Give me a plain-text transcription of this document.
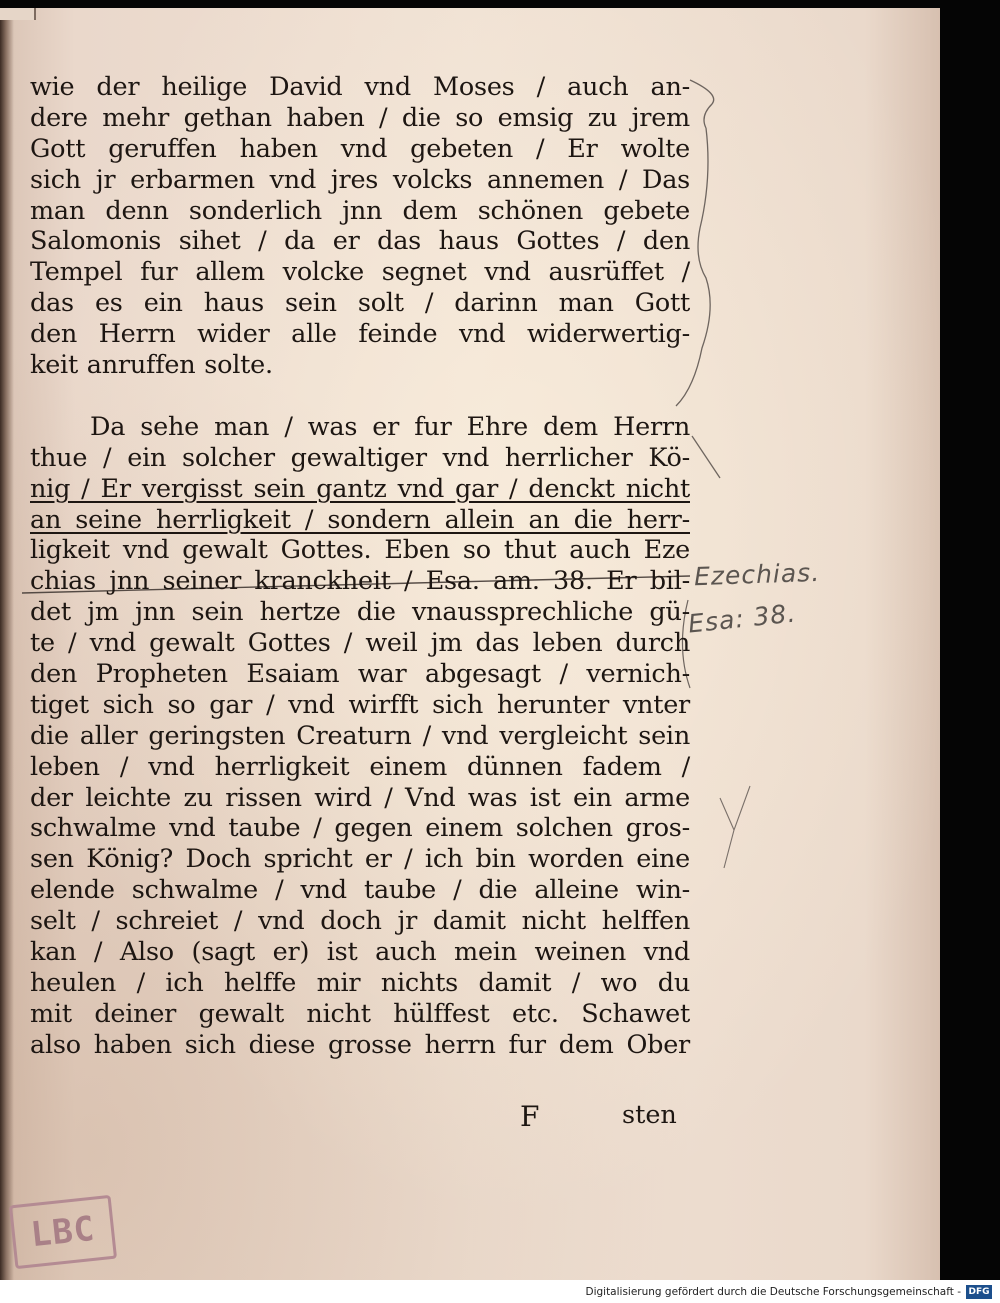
wie der heilige David vnd Moses / auch an-
dere mehr gethan haben / die so emsig zu jrem
Gott geruffen haben vnd gebeten / Er wolte
sich jr erbarmen vnd jres volcks annemen / Das
man denn sonderlich jnn dem schönen gebete
Salomonis sihet / da er das haus Gottes / den
Tempel fur allem volcke segnet vnd ausrüffet /
das es ein haus sein solt / darinn man Gott
den Herrn wider alle feinde vnd widerwertig-
keit anruffen solte.
Da sehe man / was er fur Ehre dem Herrn
thue / ein solcher gewaltiger vnd herrlicher Kö-
nig / Er vergisst sein gantz vnd gar / denckt nicht
an seine herrligkeit / sondern allein an die herr-
ligkeit vnd gewalt Gottes. Eben so thut auch Eze
chias jnn seiner kranckheit / Esa. am. 38. Er bil-
det jm jnn sein hertze die vnaussprechliche gü-
te / vnd gewalt Gottes / weil jm das leben durch
den Propheten Esaiam war abgesagt / vernich-
tiget sich so gar / vnd wirfft sich herunter vnter
die aller geringsten Creaturn / vnd vergleicht sein
leben / vnd herrligkeit einem dünnen fadem /
der leichte zu rissen wird / Vnd was ist ein arme
schwalme vnd taube / gegen einem solchen gros-
sen König? Doch spricht er / ich bin worden eine
elende schwalme / vnd taube / die alleine win-
selt / schreiet / vnd doch jr damit nicht helffen
kan / Also (sagt er) ist auch mein weinen vnd
heulen / ich helffe mir nichts damit / wo du
mit deiner gewalt nicht hülffest etc. Schawet
also haben sich diese grosse herrn fur dem Ober
F	sten
Ezechias.
Esa: 38.
LBC
Digitalisierung gefördert durch die Deutsche Forschungsgemeinschaft - DFG
